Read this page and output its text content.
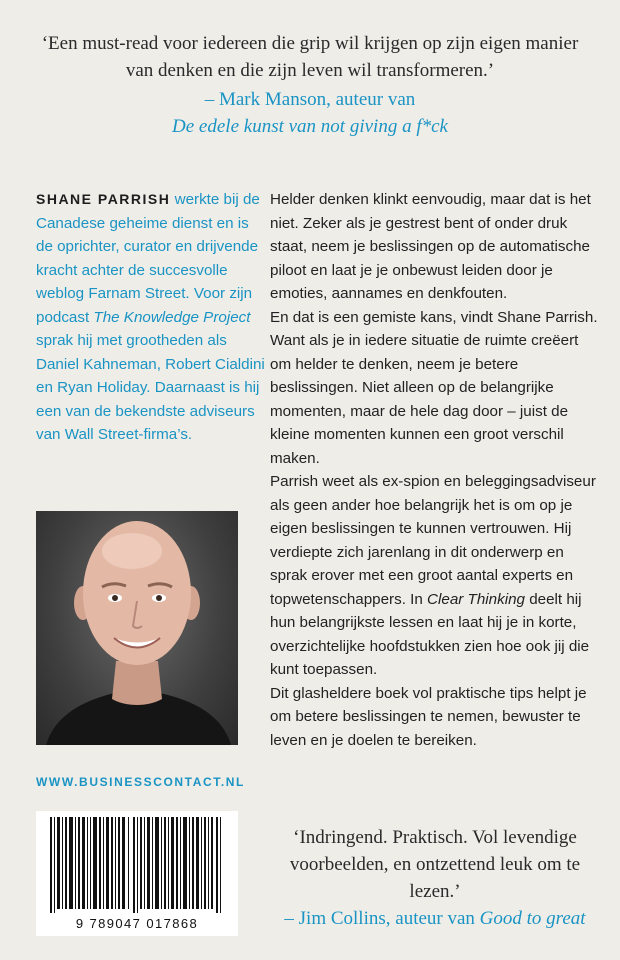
‘Een must-read voor iedereen die grip wil krijgen op zijn eigen manier van denken en die zijn leven wil transformeren.’
– Mark Manson, auteur van
De edele kunst van not giving a f*ck
SHANE PARRISH werkte bij de Canadese geheime dienst en is de oprichter, curator en drijvende kracht achter de succesvolle weblog Farnam Street. Voor zijn podcast The Knowledge Project sprak hij met grootheden als Daniel Kahneman, Robert Cialdini en Ryan Holiday. Daarnaast is hij een van de bekendste adviseurs van Wall Street-firma’s.
WWW.BUSINESSCONTACT.NL
9 789047 017868

Helder denken klinkt eenvoudig, maar dat is het niet. Zeker als je gestrest bent of onder druk staat, neem je beslissingen op de automatische piloot en laat je je onbewust leiden door je emoties, aannames en denkfouten.

En dat is een gemiste kans, vindt Shane Parrish. Want als je in iedere situatie de ruimte creëert om helder te denken, neem je betere beslissingen. Niet alleen op de belangrijke momenten, maar de hele dag door – juist de kleine momenten kunnen een groot verschil maken.

Parrish weet als ex-spion en beleggingsadviseur als geen ander hoe belangrijk het is om op je eigen beslissingen te kunnen vertrouwen. Hij verdiepte zich jarenlang in dit onderwerp en sprak erover met een groot aantal experts en topwetenschappers. In Clear Thinking deelt hij hun belangrijkste lessen en laat hij je in korte, overzichtelijke hoofdstukken zien hoe ook jij die kunt toepassen.

Dit glasheldere boek vol praktische tips helpt je om betere beslissingen te nemen, bewuster te leven en je doelen te bereiken.

‘Indringend. Praktisch. Vol levendige voorbeelden, en ontzettend leuk om te lezen.’
– Jim Collins, auteur van Good to great
